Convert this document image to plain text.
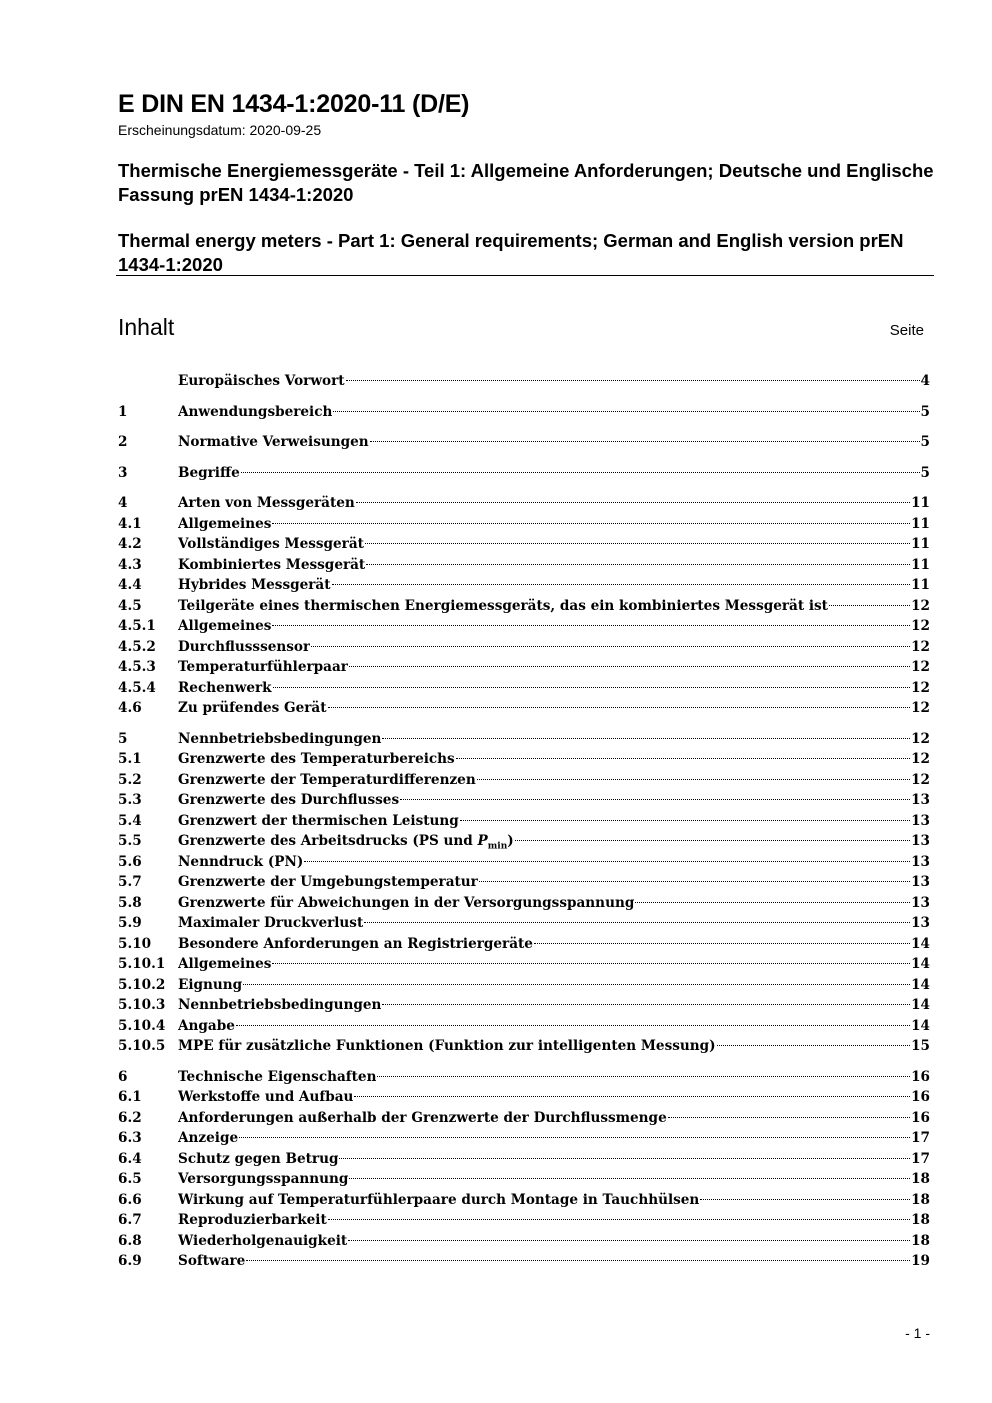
E DIN EN 1434-1:2020-11 (D/E)
Erscheinungsdatum: 2020-09-25
Thermische Energiemessgeräte - Teil 1: Allgemeine Anforderungen; Deutsche und Englische Fassung prEN 1434-1:2020
Thermal energy meters - Part 1: General requirements; German and English version prEN 1434-1:2020
Inhalt	Seite
Europäisches Vorwort	4
1	Anwendungsbereich	5
2	Normative Verweisungen	5
3	Begriffe	5
4	Arten von Messgeräten	11
4.1	Allgemeines	11
4.2	Vollständiges Messgerät	11
4.3	Kombiniertes Messgerät	11
4.4	Hybrides Messgerät	11
4.5	Teilgeräte eines thermischen Energiemessgeräts, das ein kombiniertes Messgerät ist	12
4.5.1	Allgemeines	12
4.5.2	Durchflusssensor	12
4.5.3	Temperaturfühlerpaar	12
4.5.4	Rechenwerk	12
4.6	Zu prüfendes Gerät	12
5	Nennbetriebsbedingungen	12
5.1	Grenzwerte des Temperaturbereichs	12
5.2	Grenzwerte der Temperaturdifferenzen	12
5.3	Grenzwerte des Durchflusses	13
5.4	Grenzwert der thermischen Leistung	13
5.5	Grenzwerte des Arbeitsdrucks (PS und $P_{min}$)	13
5.6	Nenndruck (PN)	13
5.7	Grenzwerte der Umgebungstemperatur	13
5.8	Grenzwerte für Abweichungen in der Versorgungsspannung	13
5.9	Maximaler Druckverlust	13
5.10	Besondere Anforderungen an Registriergeräte	14
5.10.1 Allgemeines	14
5.10.2 Eignung	14
5.10.3 Nennbetriebsbedingungen	14
5.10.4 Angabe	14
5.10.5 MPE für zusätzliche Funktionen (Funktion zur intelligenten Messung)	15
6	Technische Eigenschaften	16
6.1	Werkstoffe und Aufbau	16
6.2	Anforderungen außerhalb der Grenzwerte der Durchflussmenge	16
6.3	Anzeige	17
6.4	Schutz gegen Betrug	17
6.5	Versorgungsspannung	18
6.6	Wirkung auf Temperaturfühlerpaare durch Montage in Tauchhülsen	18
6.7	Reproduzierbarkeit	18
6.8	Wiederholgenauigkeit	18
6.9	Software	19
- 1 -
